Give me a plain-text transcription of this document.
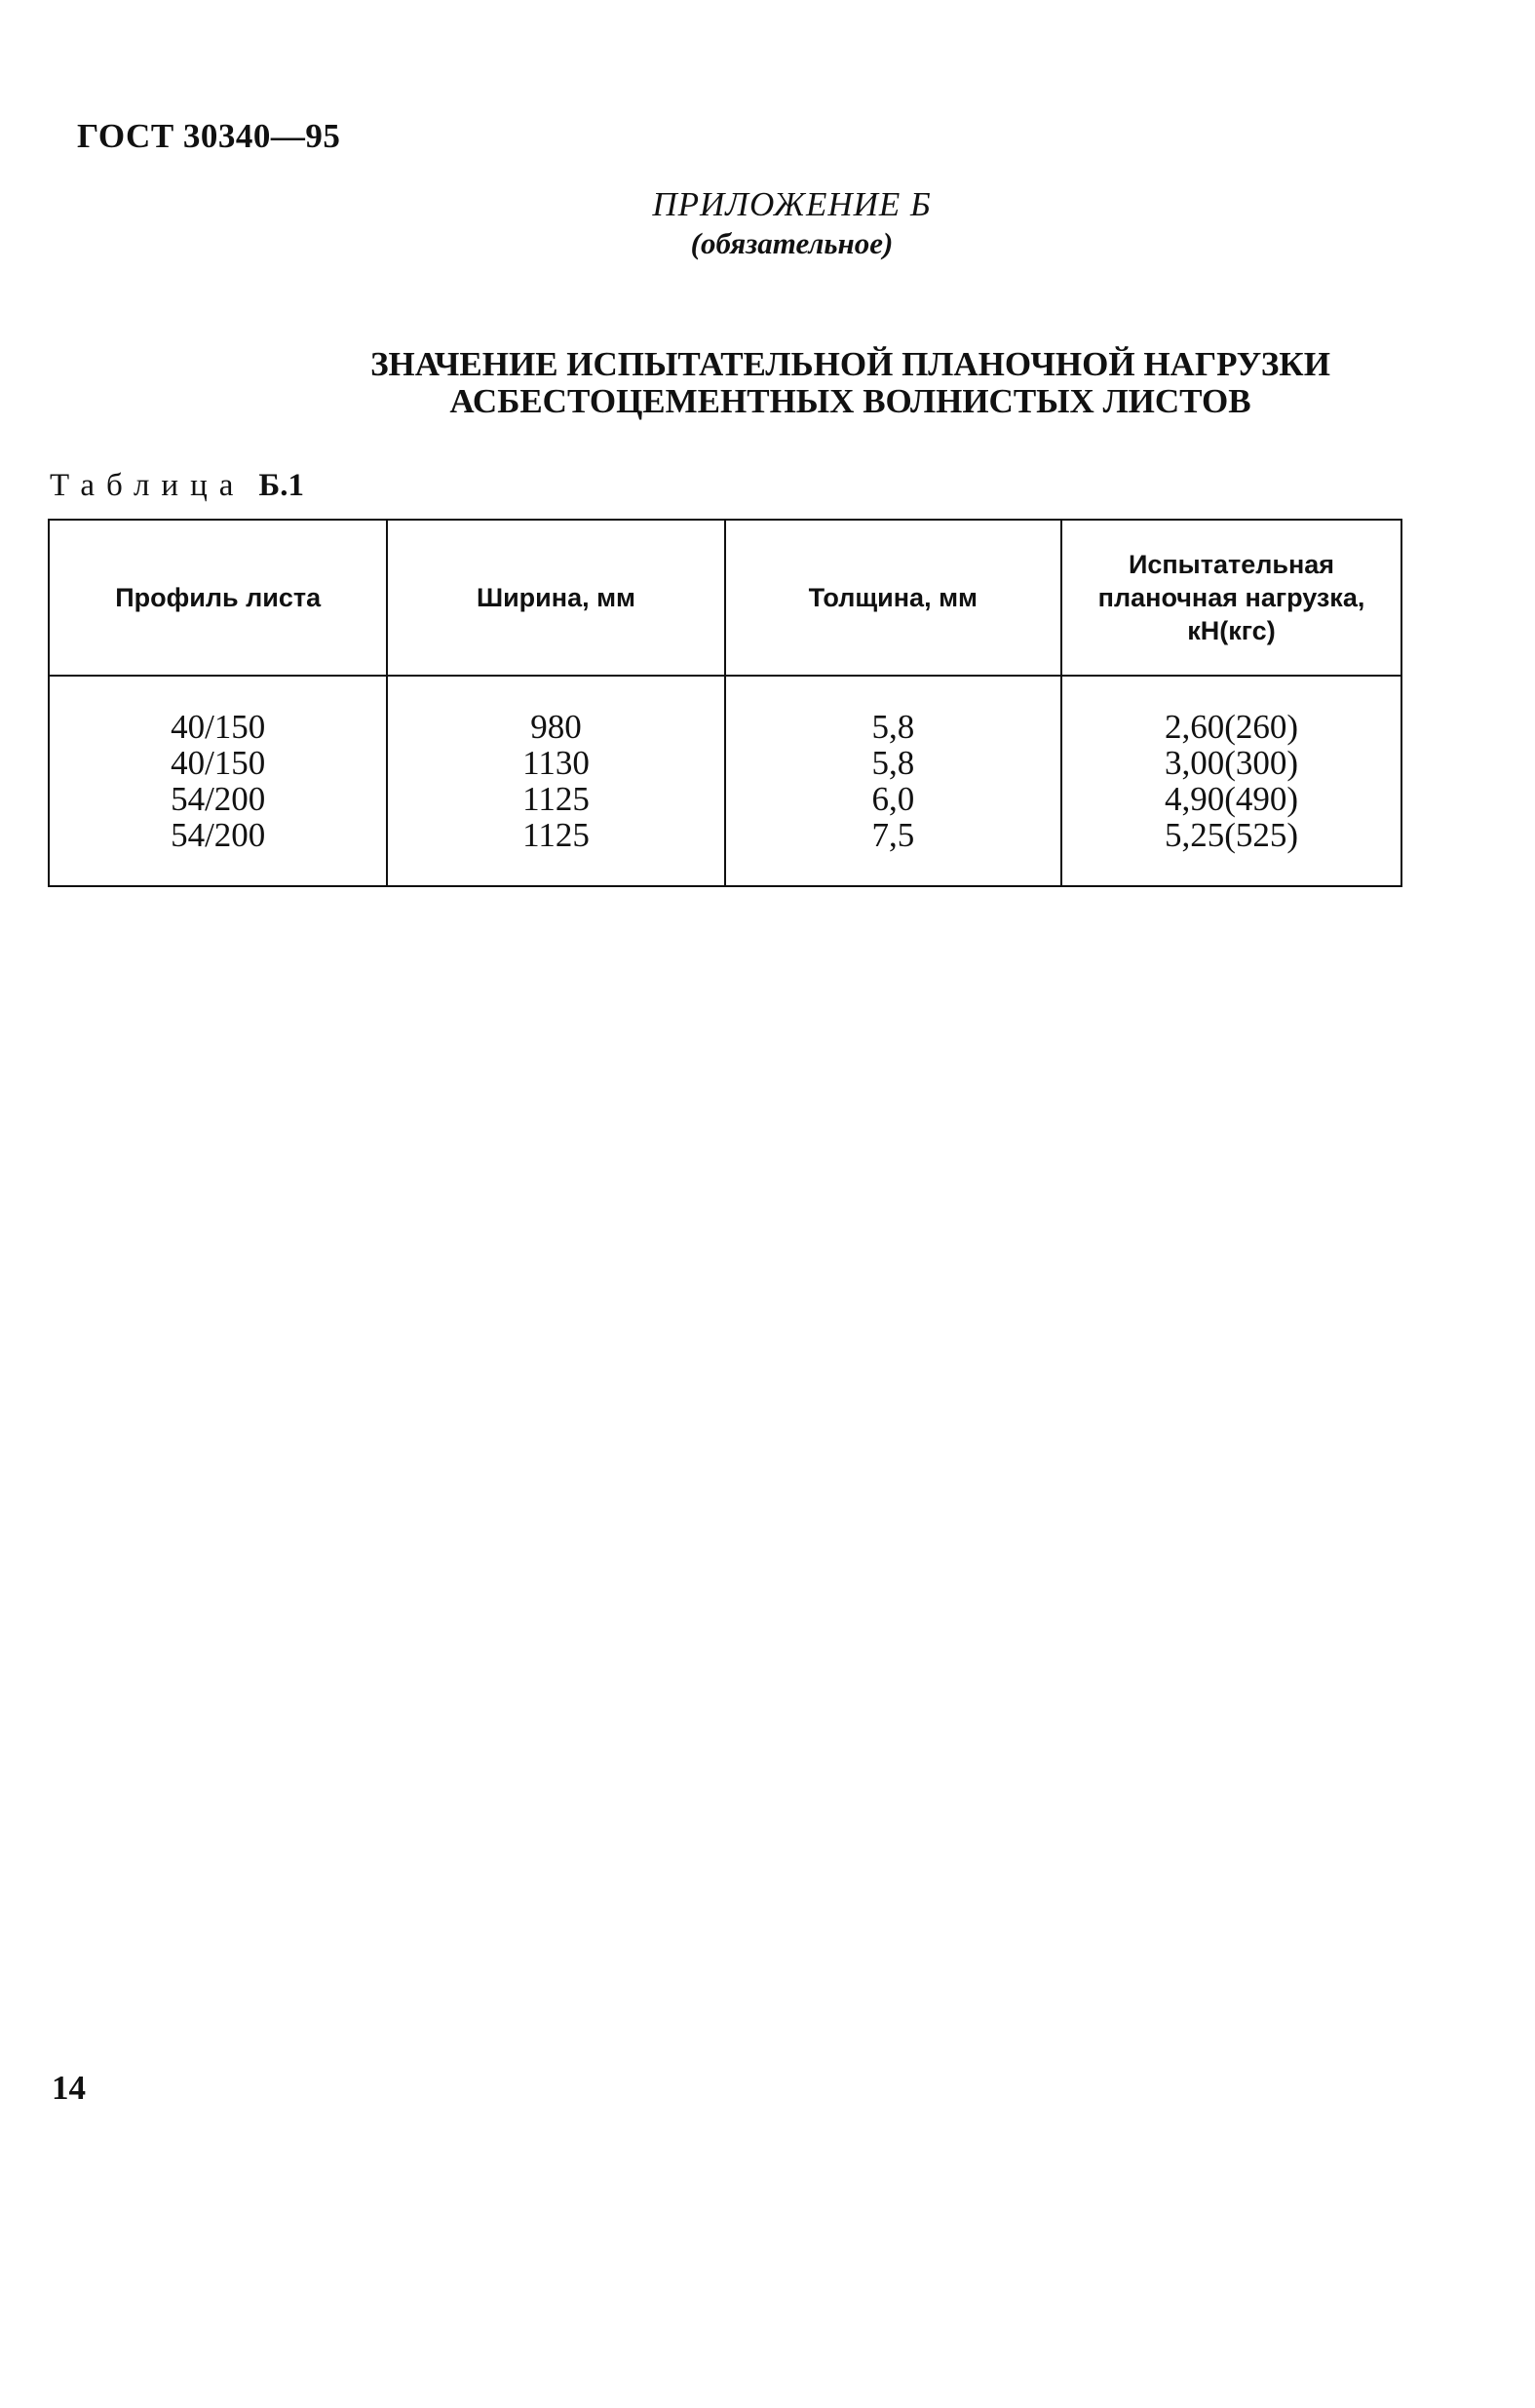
ГОСТ 30340—95
ПРИЛОЖЕНИЕ Б
(обязательное)
ЗНАЧЕНИЕ ИСПЫТАТЕЛЬНОЙ ПЛАНОЧНОЙ НАГРУЗКИ
АСБЕСТОЦЕМЕНТНЫХ ВОЛНИСТЫХ ЛИСТОВ
Таблица Б.1
Профиль листа	Ширина, мм	Толщина, мм	Испытательная
планочная нагрузка,
кН(кгс)

40/150	980	5,8	2,60(260)
40/150	1130	5,8	3,00(300)
54/200	1125	6,0	4,90(490)
54/200	1125	7,5	5,25(525)
14
